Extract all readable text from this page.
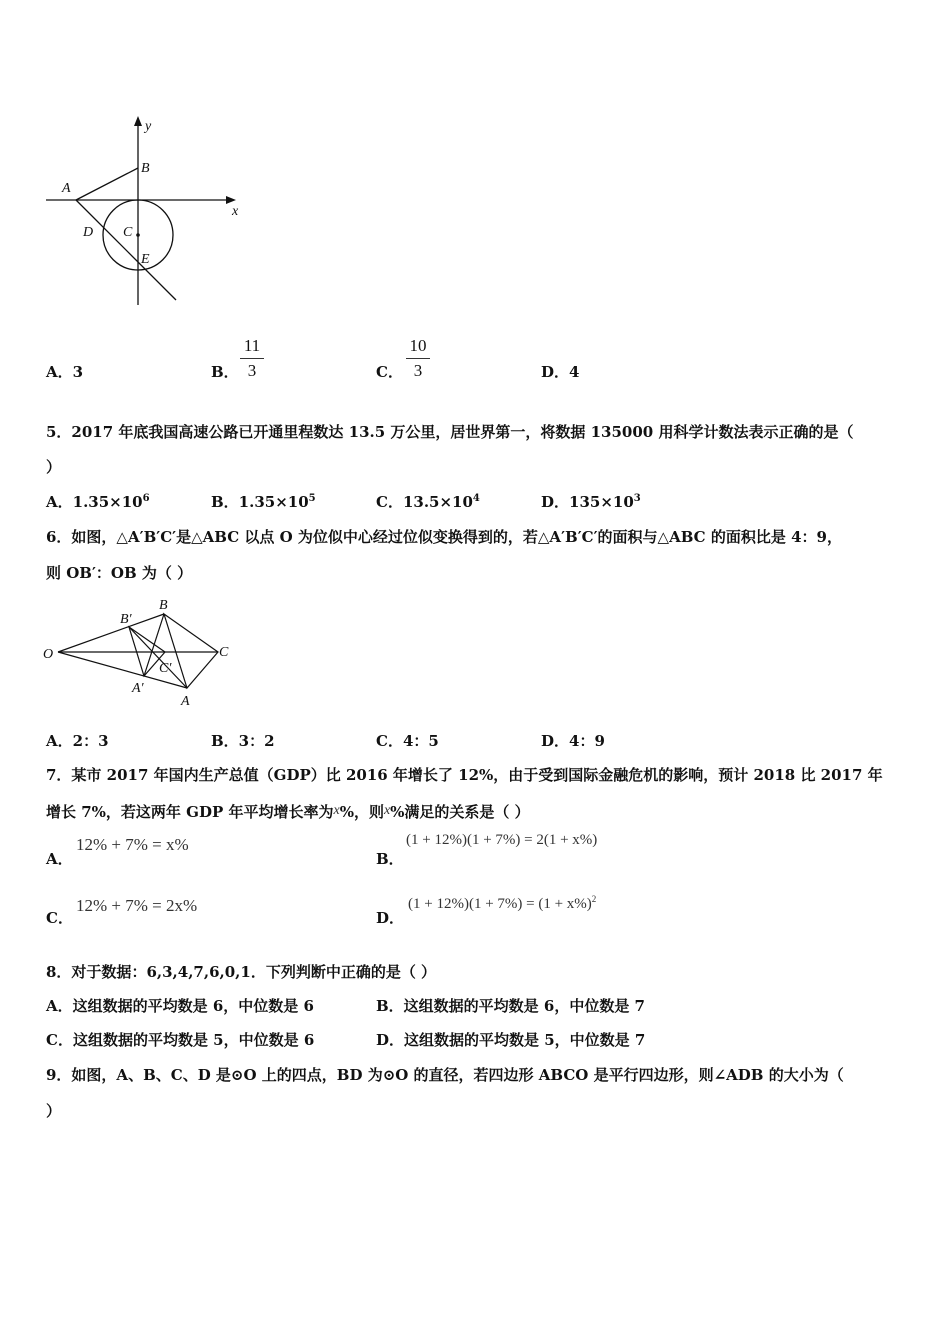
y
x
A
B
C
D
E
A．3	B． $\frac{11}{3}$	C． $\frac{10}{3}$	D．4
5．2017 年底我国高速公路已开通里程数达 13.5 万公里，居世界第一，将数据 135000 用科学计数法表示正确的是（
）
A．$1.35\times 10^6$	B．$1.35\times 10^5$	C．$13.5\times 10^4$	D．$135\times 10^3$
6．如图，△A′B′C′是△ABC 以点 O 为位似中心经过位似变换得到的，若△A′B′C′的面积与△ABC 的面积比是 4：9，
则 OB′：OB 为（ ）
O
B
B′
C
C′
A′
A
A．2：3	B．3：2	C．4：5	D．4：9
7．某市 2017 年国内生产总值（GDP）比 2016 年增长了 12%，由于受到国际金融危机的影响，预计 2018 比 2017 年
增长 7%，若这两年 GDP 年平均增长率为x%，则x%满足的关系是（ ）
A．
12% + 7% = x%
B．
(1 + 12%)(1 + 7%) = 2(1 + x%)
C．
12% + 7% = 2x%
D．
$(1 + 12\%)(1 + 7\%) = (1 + x\%)^2$
8．对于数据：6,3,4,7,6,0,1．下列判断中正确的是（ ）
A．这组数据的平均数是 6，中位数是 6	B．这组数据的平均数是 6，中位数是 7
C．这组数据的平均数是 5，中位数是 6	D．这组数据的平均数是 5，中位数是 7
9．如图，A、B、C、D 是⊙O 上的四点，BD 为⊙O 的直径，若四边形 ABCO 是平行四边形，则∠ADB 的大小为（
）
